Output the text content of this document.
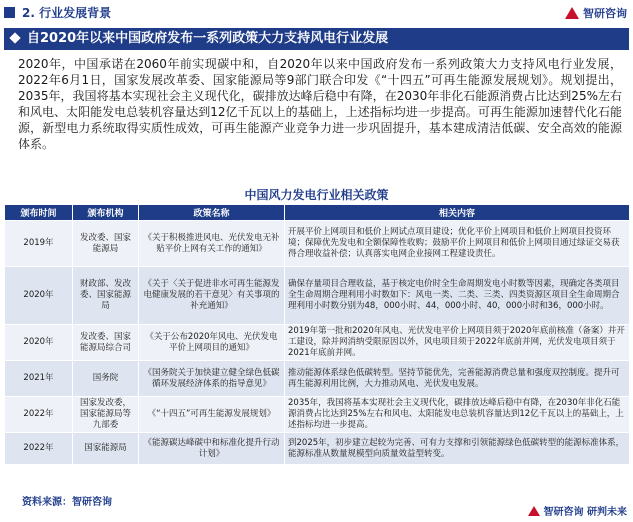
2. 行业发展背景	智研咨询
自2020年以来中国政府发布一系列政策大力支持风电行业发展
2020年，中国承诺在2060年前实现碳中和，自2020年以来中国政府发布一系列政策大力支持风电行业发展，2022年6月1日，国家发展改革委、国家能源局等9部门联合印发《“十四五”可再生能源发展规划》。规划提出，2035年，我国将基本实现社会主义现代化，碳排放达峰后稳中有降，在2030年非化石能源消费占比达到25%左右和风电、太阳能发电总装机容量达到12亿千瓦以上的基础上，上述指标均进一步提高。可再生能源加速替代化石能源，新型电力系统取得实质性成效，可再生能源产业竞争力进一步巩固提升，基本建成清洁低碳、安全高效的能源体系。
中国风力发电行业相关政策
颁布时间	颁布机构	政策名称	相关内容
2019年	发改委、国家能源局	《关于积极推进风电、光伏发电无补贴平价上网有关工作的通知》	开展平价上网项目和低价上网试点项目建设；优化平价上网项目和低价上网项目投资环境；保障优先发电和全额保障性收购；鼓励平价上网项目和低价上网项目通过绿证交易获得合理收益补偿；认真落实电网企业接网工程建设责任。
2020年	财政部、发改委、国家能源局	《关于〈关于促进非水可再生能源发电健康发展的若干意见〉有关事项的补充通知》	确保存量项目合理收益，基于核定电价时全生命周期发电小时数等因素，现确定各类项目全生命周期合理利用小时数如下：风电一类、二类、三类、四类资源区项目全生命周期合理利用小时数分别为48，000小时、44，000小时、40，000小时和36，000小时。
2020年	发改委、国家能源局综合司	《关于公布2020年风电、光伏发电平价上网项目的通知》	2019年第一批和2020年风电、光伏发电平价上网项目须于2020年底前核准（备案）并开工建设，除并网消纳受限原因以外，风电项目须于2022年底前并网，光伏发电项目须于2021年底前并网。
2021年	国务院	《国务院关于加快建立健全绿色低碳循环发展经济体系的指导意见》	推动能源体系绿色低碳转型。坚持节能优先，完善能源消费总量和强度双控制度。提升可再生能源利用比例，大力推动风电、光伏发电发展。
2022年	国家发改委，国家能源局等九部委	《“十四五”可再生能源发展规划》	2035年，我国将基本实现社会主义现代化，碳排放达峰后稳中有降，在2030年非化石能源消费占比达到25%左右和风电、太阳能发电总装机容量达到12亿千瓦以上的基础上，上述指标均进一步提高。
2022年	国家能源局	《能源碳达峰碳中和标准化提升行动计划》	到2025年，初步建立起较为完善、可有力支撑和引领能源绿色低碳转型的能源标准体系，能源标准从数量规模型向质量效益型转变。
资料来源：智研咨询
智研咨询 研判未来
